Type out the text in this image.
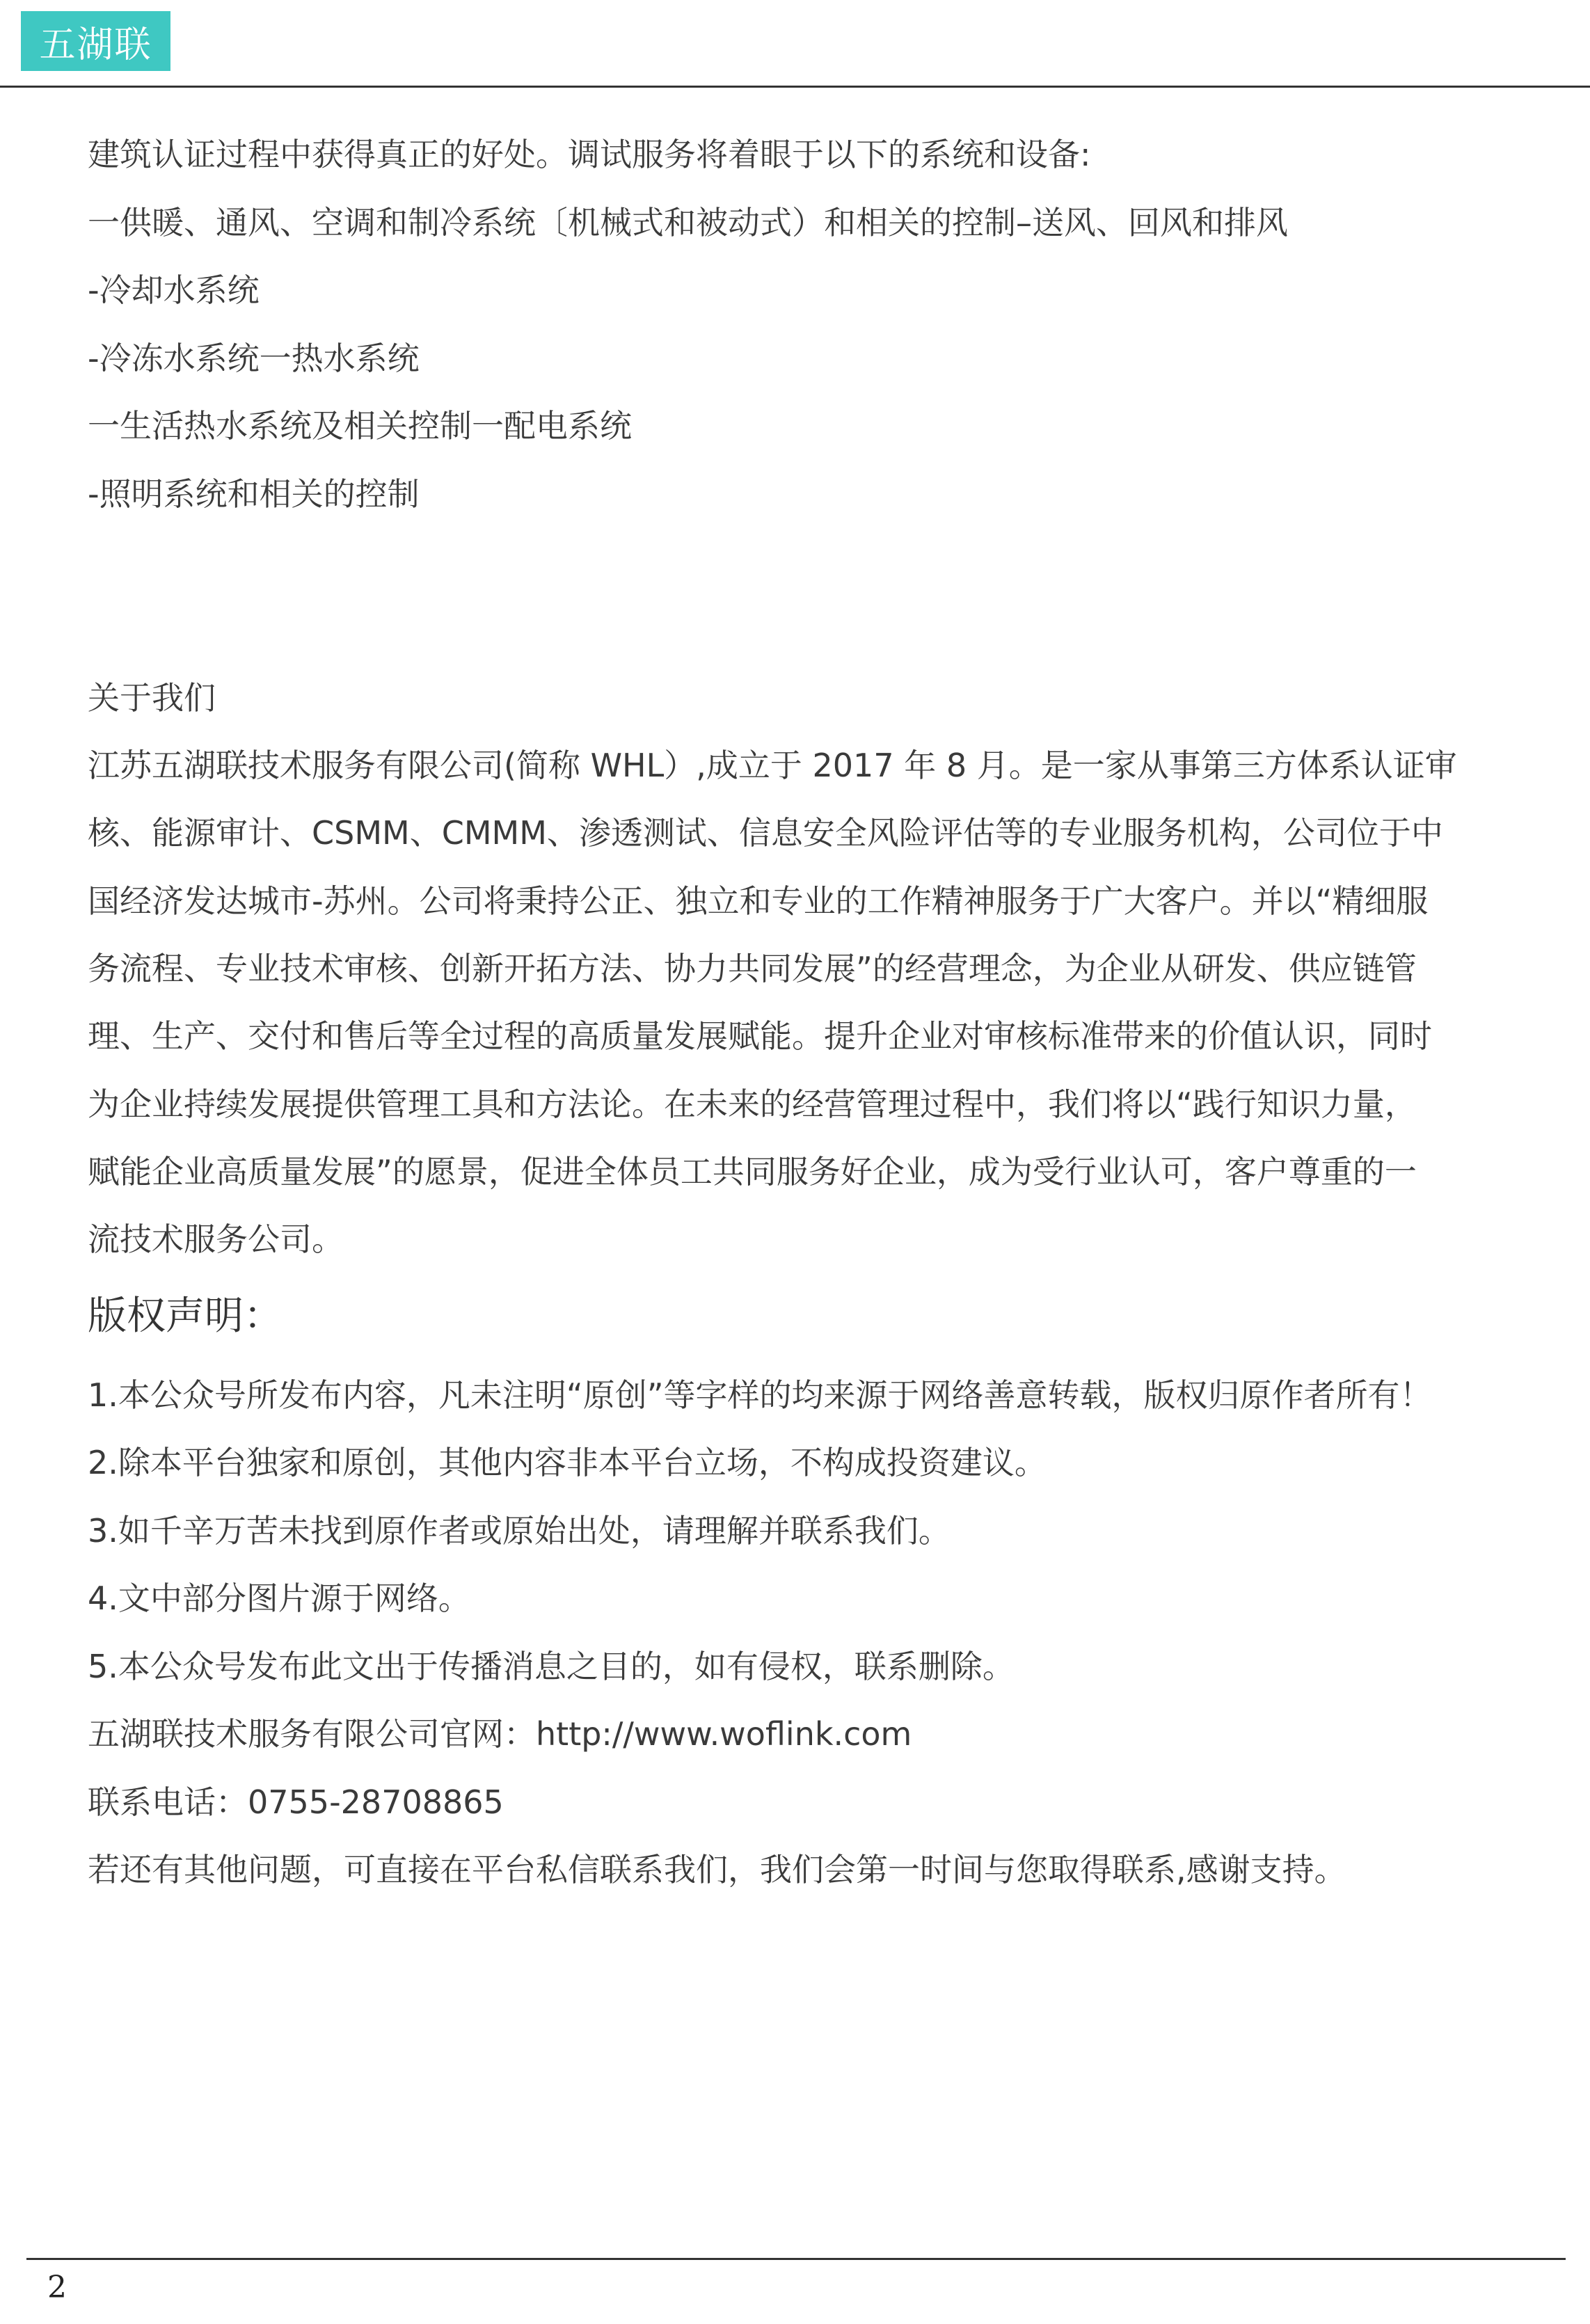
五湖联
建筑认证过程中获得真正的好处。调试服务将着眼于以下的系统和设备:
一供暖、通风、空调和制冷系统〔机械式和被动式）和相关的控制–送风、回风和排风
-冷却水系统
-冷冻水系统一热水系统
一生活热水系统及相关控制一配电系统
-照明系统和相关的控制
关于我们
江苏五湖联技术服务有限公司(简称 WHL）,成立于 2017 年 8 月。是一家从事第三方体系认证审
核、能源审计、CSMM、CMMM、渗透测试、信息安全风险评估等的专业服务机构，公司位于中
国经济发达城市-苏州。公司将秉持公正、独立和专业的工作精神服务于广大客户。并以“精细服
务流程、专业技术审核、创新开拓方法、协力共同发展”的经营理念，为企业从研发、供应链管
理、生产、交付和售后等全过程的高质量发展赋能。提升企业对审核标准带来的价值认识，同时
为企业持续发展提供管理工具和方法论。在未来的经营管理过程中，我们将以“践行知识力量，
赋能企业高质量发展”的愿景，促进全体员工共同服务好企业，成为受行业认可，客户尊重的一
流技术服务公司。
版权声明：
1.本公众号所发布内容，凡未注明“原创”等字样的均来源于网络善意转载，版权归原作者所有！
2.除本平台独家和原创，其他内容非本平台立场，不构成投资建议。
3.如千辛万苦未找到原作者或原始出处，请理解并联系我们。
4.文中部分图片源于网络。
5.本公众号发布此文出于传播消息之目的，如有侵权，联系删除。
五湖联技术服务有限公司官网：http://www.woflink.com
联系电话：0755-28708865
若还有其他问题，可直接在平台私信联系我们，我们会第一时间与您取得联系,感谢支持。
2
